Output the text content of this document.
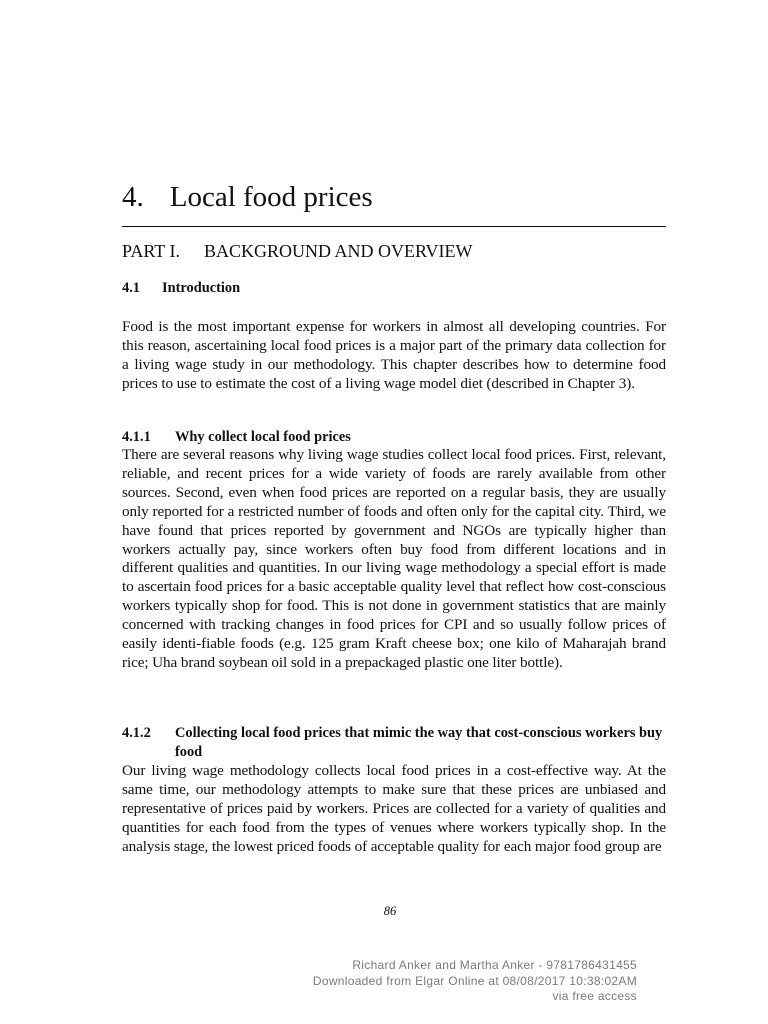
4. Local food prices
PART I. BACKGROUND AND OVERVIEW
4.1	Introduction

Food is the most important expense for workers in almost all developing countries. For this reason, ascertaining local food prices is a major part of the primary data collection for a living wage study in our methodology. This chapter describes how to determine food prices to use to estimate the cost of a living wage model diet (described in Chapter 3).

4.1.1	Why collect local food prices

There are several reasons why living wage studies collect local food prices. First, relevant, reliable, and recent prices for a wide variety of foods are rarely available from other sources. Second, even when food prices are reported on a regular basis, they are usually only reported for a restricted number of foods and often only for the capital city. Third, we have found that prices reported by government and NGOs are typically higher than workers actually pay, since workers often buy food from different locations and in different qualities and quantities. In our living wage methodology a special effort is made to ascertain food prices for a basic acceptable quality level that reflect how cost-conscious workers typically shop for food. This is not done in government statistics that are mainly concerned with tracking changes in food prices for CPI and so usually follow prices of easily identi-fiable foods (e.g. 125 gram Kraft cheese box; one kilo of Maharajah brand rice; Uha brand soybean oil sold in a prepackaged plastic one liter bottle).

4.1.2	Collecting local food prices that mimic the way that cost-conscious workers buy food

Our living wage methodology collects local food prices in a cost-effective way. At the same time, our methodology attempts to make sure that these prices are unbiased and representative of prices paid by workers. Prices are collected for a variety of qualities and quantities for each food from the types of venues where workers typically shop. In the analysis stage, the lowest priced foods of acceptable quality for each major food group are

86
Richard Anker and Martha Anker - 9781786431455
Downloaded from Elgar Online at 08/08/2017 10:38:02AM
via free access
